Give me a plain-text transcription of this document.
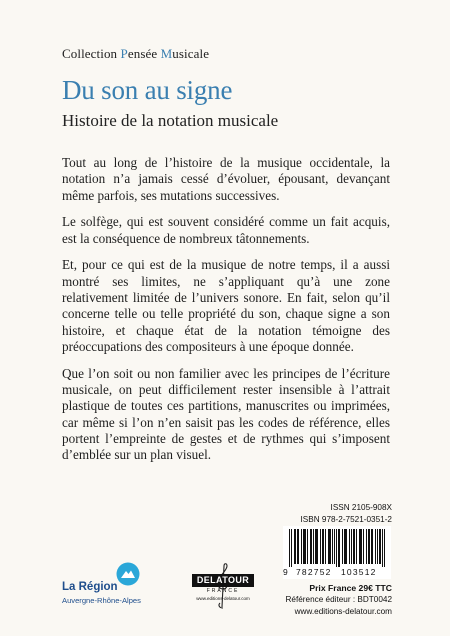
Collection Pensée Musicale
Du son au signe
Histoire de la notation musicale

Tout au long de l’histoire de la musique occidentale, la notation n’a jamais cessé d’évoluer, épousant, devançant même parfois, ses mutations successives.

Le solfège, qui est souvent considéré comme un fait acquis, est la conséquence de nombreux tâtonnements.

Et, pour ce qui est de la musique de notre temps, il a aussi montré ses limites, ne s’appliquant qu’à une zone relativement limitée de l’univers sonore. En fait, selon qu’il concerne telle ou telle propriété du son, chaque signe a son histoire, et chaque état de la notation témoigne des préoccupations des compositeurs à une époque donnée.

Que l’on soit ou non familier avec les principes de l’écriture musicale, on peut difficilement rester insensible à l’attrait plastique de toutes ces partitions, manuscrites ou imprimées, car même si l’on n’en saisit pas les codes de référence, elles portent l’empreinte de gestes et de rythmes qui s’imposent d’emblée sur un plan visuel.

ISSN 2105-908X
ISBN 978-2-7521-0351-2
9 782752 103512
Prix France 29€ TTC
Référence éditeur : BDT0042
www.editions-delatour.com
La Région
Auvergne-Rhône-Alpes
DELATOUR
FRANCE
www.editions-delatour.com
